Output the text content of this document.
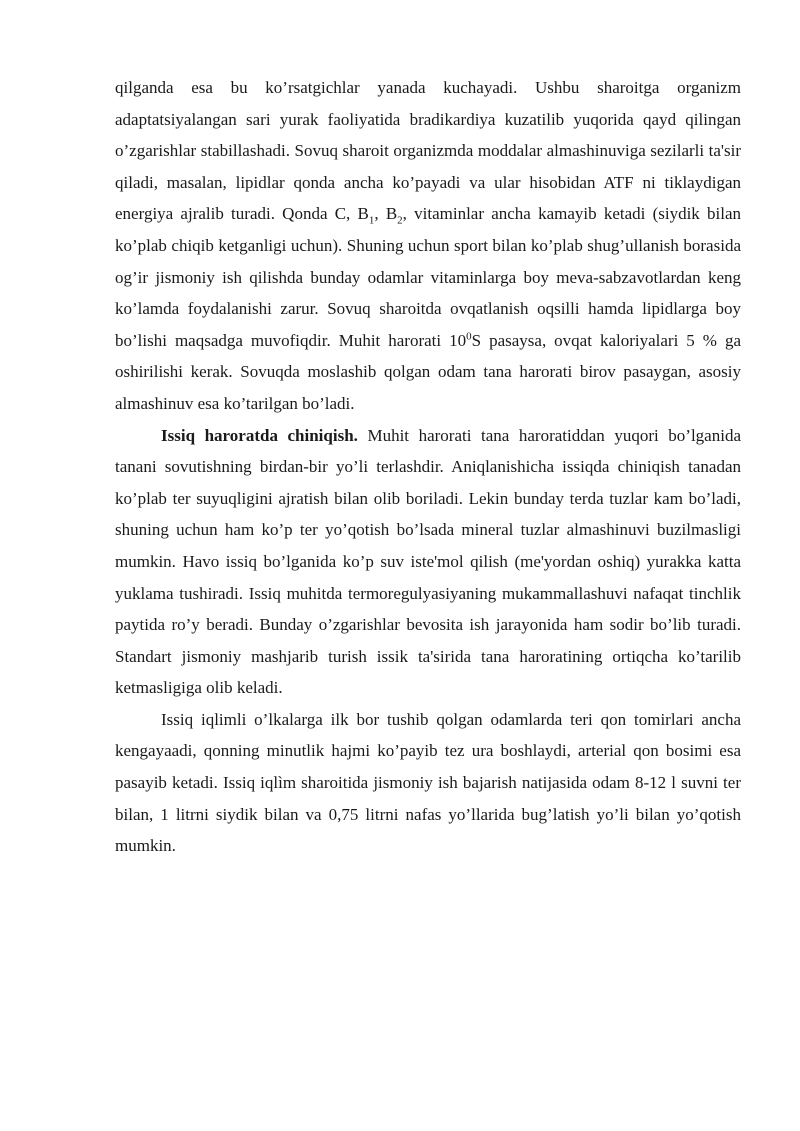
qilganda esa bu ko’rsatgichlar yanada kuchayadi. Ushbu sharoitga organizm adaptatsiyalangan sari yurak faoliyatida bradikardiya kuzatilib yuqorida qayd qilingan o’zgarishlar stabillashadi. Sovuq sharoit organizmda moddalar almashinuviga sezilarli ta'sir qiladi, masalan, lipidlar qonda ancha ko’payadi va ular hisobidan ATF ni tiklaydigan energiya ajralib turadi. Qonda C, $B_1$, $B_2$, vitaminlar ancha kamayib ketadi (siydik bilan ko’plab chiqib ketganligi uchun). Shuning uchun sport bilan ko’plab shug’ullanish borasida og’ir jismoniy ish qilishda bunday odamlar vitaminlarga boy meva-sabzavotlardan keng ko’lamda foydalanishi zarur. Sovuq sharoitda ovqatlanish oqsilli hamda lipidlarga boy bo’lishi maqsadga muvofiqdir. Muhit harorati $10^0S$ pasaysa, ovqat kaloriyalari 5 % ga oshirilishi kerak. Sovuqda moslashib qolgan odam tana harorati birov pasaygan, asosiy almashinuv esa ko’tarilgan bo’ladi.

Issiq haroratda chiniqish. Muhit harorati tana haroratiddan yuqori bo’lganida tanani sovutishning birdan-bir yo’li terlashdir. Aniqlanishicha issiqda chiniqish tanadan ko’plab ter suyuqligini ajratish bilan olib boriladi. Lekin bunday terda tuzlar kam bo’ladi, shuning uchun ham ko’p ter yo’qotish bo’lsada mineral tuzlar almashinuvi buzilmasligi mumkin. Havo issiq bo’lganida ko’p suv iste'mol qilish (me'yordan oshiq) yurakka katta yuklama tushiradi. Issiq muhitda termoregulyasiyaning mukammallashuvi nafaqat tinchlik paytida ro’y beradi. Bunday o’zgarishlar bevosita ish jarayonida ham sodir bo’lib turadi. Standart jismoniy mashjarib turish issik ta'sirida tana haroratining ortiqcha ko’tarilib ketmasligiga olib keladi.

Issiq iqlimli o’lkalarga ilk bor tushib qolgan odamlarda teri qon tomirlari ancha kengayaadi, qonning minutlik hajmi ko’payib tez ura boshlaydi, arterial qon bosimi esa pasayib ketadi. Issiq iqlìm sharoitida jismoniy ish bajarish natijasida odam 8-12 l suvni ter bilan, 1 litrni siydik bilan va 0,75 litrni nafas yo’llarida bug’latish yo’li bilan yo’qotish mumkin.
